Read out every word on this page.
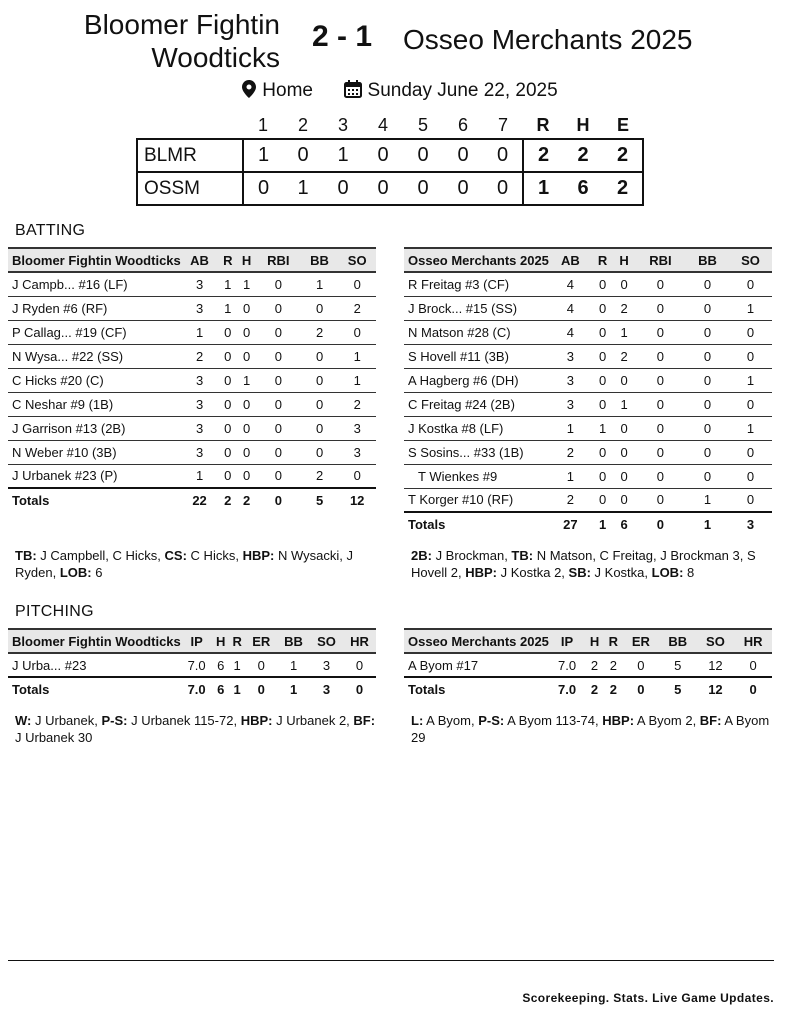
Bloomer Fightin Woodticks
2 - 1	Osseo Merchants 2025
Home	Sunday June 22, 2025
	1	2	3	4	5	6	7	R	H	E
BLMR	1	0	1	0	0	0	0	2	2	2
OSSM	0	1	0	0	0	0	0	1	6	2
BATTING
Bloomer Fightin Woodticks	AB	R	H	RBI	BB	SO
J Campb... #16 (LF)	3	1	1	0	1	0
J Ryden #6 (RF)	3	1	0	0	0	2
P Callag... #19 (CF)	1	0	0	0	2	0
N Wysa... #22 (SS)	2	0	0	0	0	1
C Hicks #20 (C)	3	0	1	0	0	1
C Neshar #9 (1B)	3	0	0	0	0	2
J Garrison #13 (2B)	3	0	0	0	0	3
N Weber #10 (3B)	3	0	0	0	0	3
J Urbanek #23 (P)	1	0	0	0	2	0
Totals	22	2	2	0	5	12
Osseo Merchants 2025	AB	R	H	RBI	BB	SO
R Freitag #3 (CF)	4	0	0	0	0	0
J Brock... #15 (SS)	4	0	2	0	0	1
N Matson #28 (C)	4	0	1	0	0	0
S Hovell #11 (3B)	3	0	2	0	0	0
A Hagberg #6 (DH)	3	0	0	0	0	1
C Freitag #24 (2B)	3	0	1	0	0	0
J Kostka #8 (LF)	1	1	0	0	0	1
S Sosins... #33 (1B)	2	0	0	0	0	0
T Wienkes #9	1	0	0	0	0	0
T Korger #10 (RF)	2	0	0	0	1	0
Totals	27	1	6	0	1	3
TB: J Campbell, C Hicks, CS: C Hicks, HBP: N Wysacki, J Ryden, LOB: 6
2B: J Brockman, TB: N Matson, C Freitag, J Brockman 3, S Hovell 2, HBP: J Kostka 2, SB: J Kostka, LOB: 8
PITCHING
Bloomer Fightin Woodticks	IP	H	R	ER	BB	SO	HR
J Urba... #23	7.0	6	1	0	1	3	0
Totals	7.0	6	1	0	1	3	0
Osseo Merchants 2025	IP	H	R	ER	BB	SO	HR
A Byom #17	7.0	2	2	0	5	12	0
Totals	7.0	2	2	0	5	12	0
W: J Urbanek, P-S: J Urbanek 115-72, HBP: J Urbanek 2, BF: J Urbanek 30
L: A Byom, P-S: A Byom 113-74, HBP: A Byom 2, BF: A Byom 29
Scorekeeping. Stats. Live Game Updates.
